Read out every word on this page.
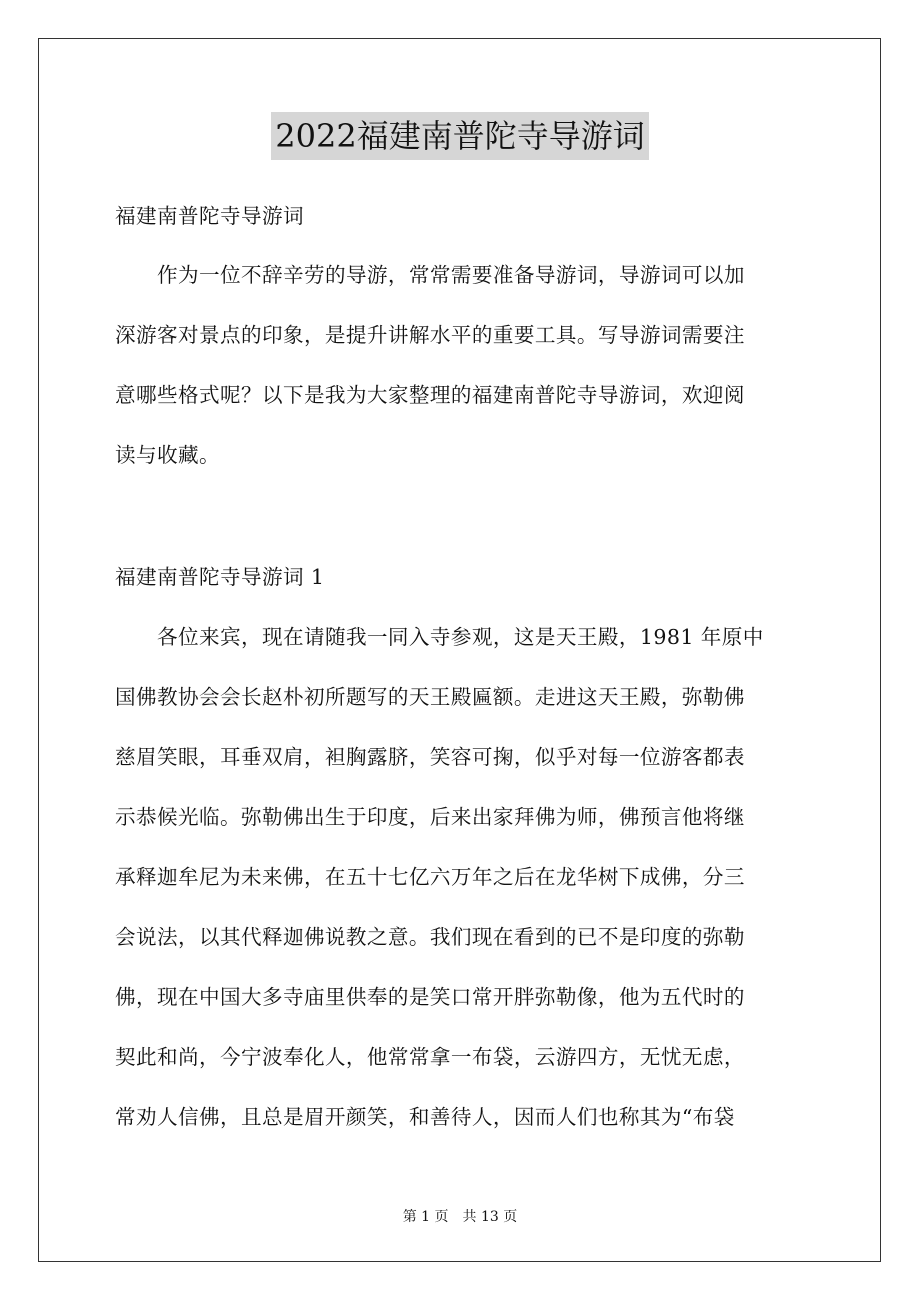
2022福建南普陀寺导游词
福建南普陀寺导游词
作为一位不辞辛劳的导游，常常需要准备导游词，导游词可以加
深游客对景点的印象，是提升讲解水平的重要工具。写导游词需要注
意哪些格式呢？以下是我为大家整理的福建南普陀寺导游词，欢迎阅
读与收藏。
福建南普陀寺导游词 1
各位来宾，现在请随我一同入寺参观，这是天王殿，1981 年原中
国佛教协会会长赵朴初所题写的天王殿匾额。走进这天王殿，弥勒佛
慈眉笑眼，耳垂双肩，袒胸露脐，笑容可掬，似乎对每一位游客都表
示恭候光临。弥勒佛出生于印度，后来出家拜佛为师，佛预言他将继
承释迦牟尼为未来佛，在五十七亿六万年之后在龙华树下成佛，分三
会说法，以其代释迦佛说教之意。我们现在看到的已不是印度的弥勒
佛，现在中国大多寺庙里供奉的是笑口常开胖弥勒像，他为五代时的
契此和尚，今宁波奉化人，他常常拿一布袋，云游四方，无忧无虑，
常劝人信佛，且总是眉开颜笑，和善待人，因而人们也称其为“布袋
第 1 页　共 13 页
